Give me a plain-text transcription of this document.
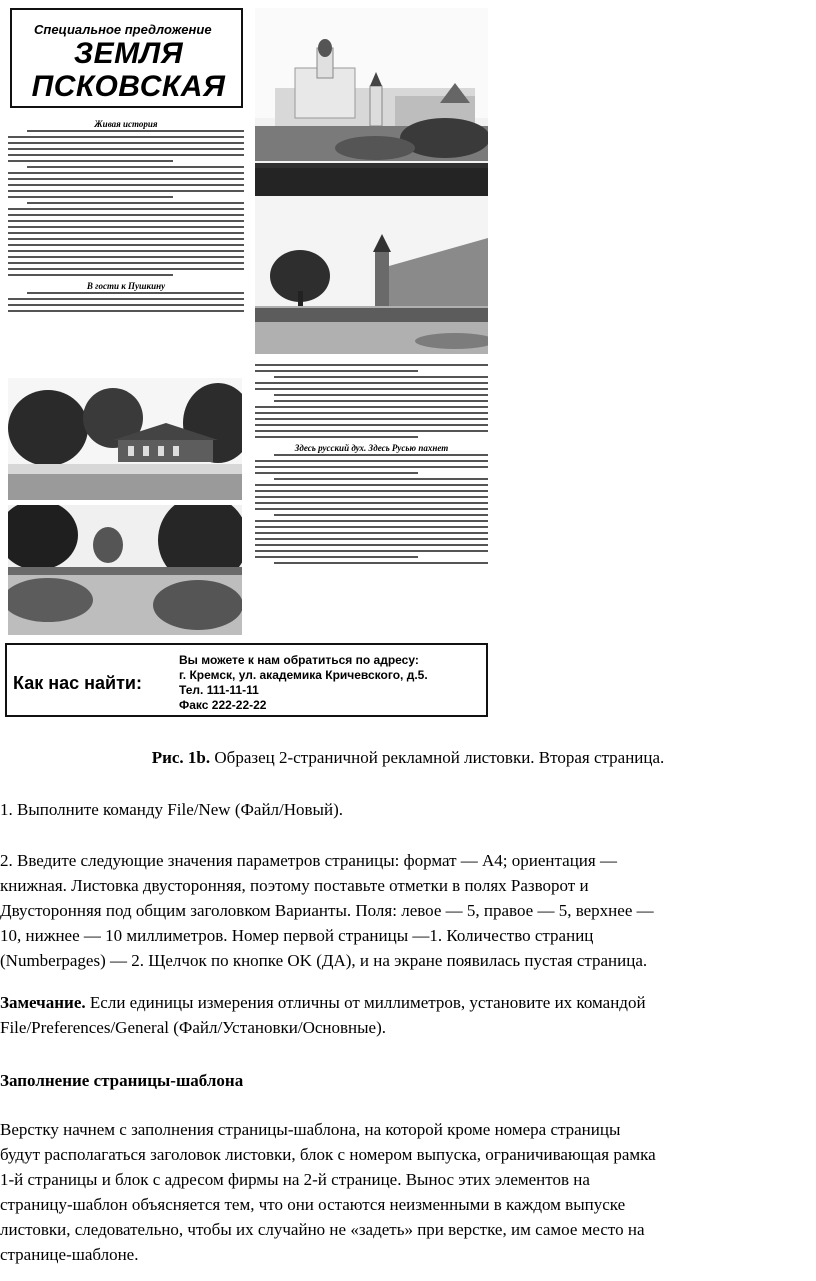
Специальное предложение
ЗЕМЛЯ
ПСКОВСКАЯ
Живая история
В гости к Пушкину
Здесь русский дух. Здесь Русью пахнет
Как нас найти:
Вы можете к нам обратиться по адресу:
г. Кремск, ул. академика Кричевского, д.5.
Тел. 111-11-11
Факс 222-22-22
Рис. 1b. Образец 2-страничной рекламной листовки. Вторая страница.
1. Выполните команду File/New (Файл/Новый).
2. Введите следующие значения параметров страницы: формат — А4; ориентация —
книжная. Листовка двусторонняя, поэтому поставьте отметки в полях Разворот и
Двусторонняя под общим заголовком Варианты. Поля: левое — 5, правое — 5, верхнее —
10, нижнее — 10 миллиметров. Номер первой страницы —1. Количество страниц
(Numberpages) — 2. Щелчок по кнопке OK (ДА), и на экране появилась пустая страница.
Замечание. Если единицы измерения отличны от миллиметров, установите их командой
File/Preferences/General (Файл/Установки/Основные).
Заполнение страницы-шаблона
Верстку начнем с заполнения страницы-шаблона, на которой кроме номера страницы
будут располагаться заголовок листовки, блок с номером выпуска, ограничивающая рамка
1-й страницы и блок с адресом фирмы на 2-й странице. Вынос этих элементов на
страницу-шаблон объясняется тем, что они остаются неизменными в каждом выпуске
листовки, следовательно, чтобы их случайно не «задеть» при верстке, им самое место на
странице-шаблоне.
